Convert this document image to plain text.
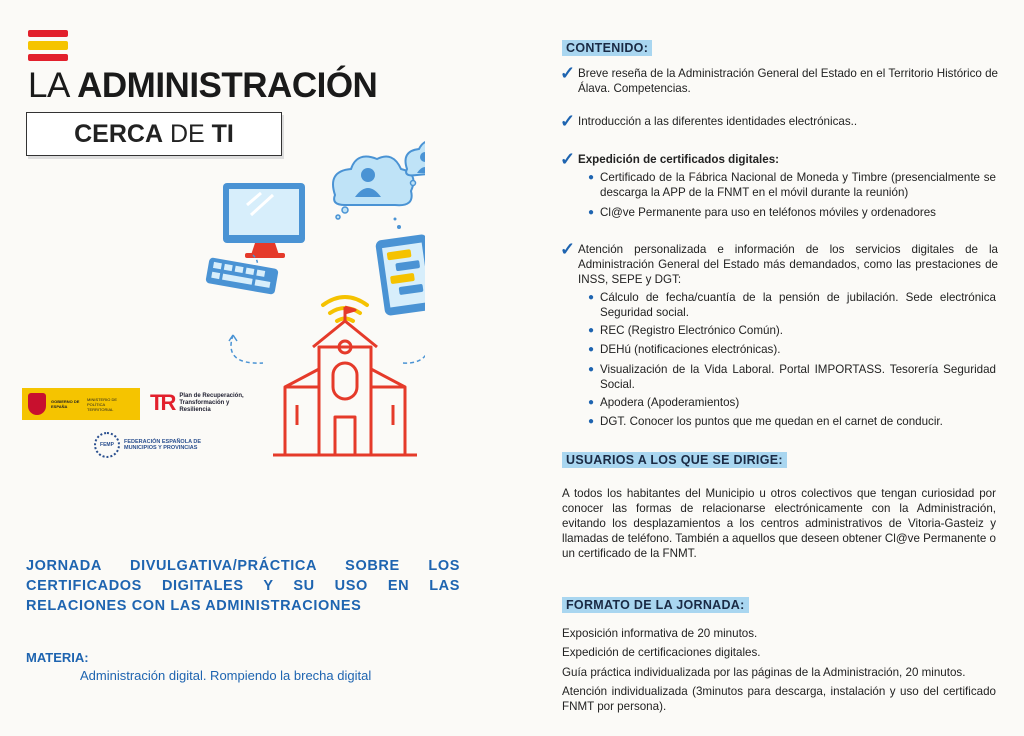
LA ADMINISTRACIÓN
CERCA DE TI
GOBIERNO DE ESPAÑA
MINISTERIO DE POLÍTICA TERRITORIAL	TR Plan de Recuperación, Transformación y Resiliencia
FEMP
FEDERACIÓN ESPAÑOLA DE MUNICIPIOS Y PROVINCIAS
JORNADA DIVULGATIVA/PRÁCTICA SOBRE LOS CERTIFICADOS DIGITALES Y SU USO EN LAS RELACIONES CON LAS ADMINISTRACIONES
MATERIA:
Administración digital. Rompiendo la brecha digital
CONTENIDO:
✓ Breve reseña de la Administración General del Estado en el Territorio Histórico de Álava. Competencias.
✓ Introducción a las diferentes identidades electrónicas..
✓ Expedición de certificados digitales:
● Certificado de la Fábrica Nacional de Moneda y Timbre (presencialmente se descarga la APP de la FNMT en el móvil durante la reunión)
● Cl@ve Permanente para uso en teléfonos móviles y ordenadores
✓ Atención personalizada e información de los servicios digitales de la Administración General del Estado más demandados, como las prestaciones de INSS, SEPE y DGT:
● Cálculo de fecha/cuantía de la pensión de jubilación. Sede electrónica Seguridad social.
● REC (Registro Electrónico Común).
● DEHú (notificaciones electrónicas).
● Visualización de la Vida Laboral. Portal IMPORTASS. Tesorería Seguridad Social.
● Apodera (Apoderamientos)
● DGT. Conocer los puntos que me quedan en el carnet de conducir.
USUARIOS A LOS QUE SE DIRIGE:
A todos los habitantes del Municipio u otros colectivos que tengan curiosidad por conocer las formas de relacionarse electrónicamente con la Administración, evitando los desplazamientos a los centros administrativos de Vitoria-Gasteiz y llamadas de teléfono. También a aquellos que deseen obtener Cl@ve Permanente o un certificado de la FNMT.
FORMATO DE LA JORNADA:
Exposición informativa de 20 minutos.
Expedición de certificaciones digitales.
Guía práctica individualizada por las páginas de la Administración, 20 minutos.
Atención individualizada (3minutos para descarga, instalación y uso del certificado FNMT por persona).
